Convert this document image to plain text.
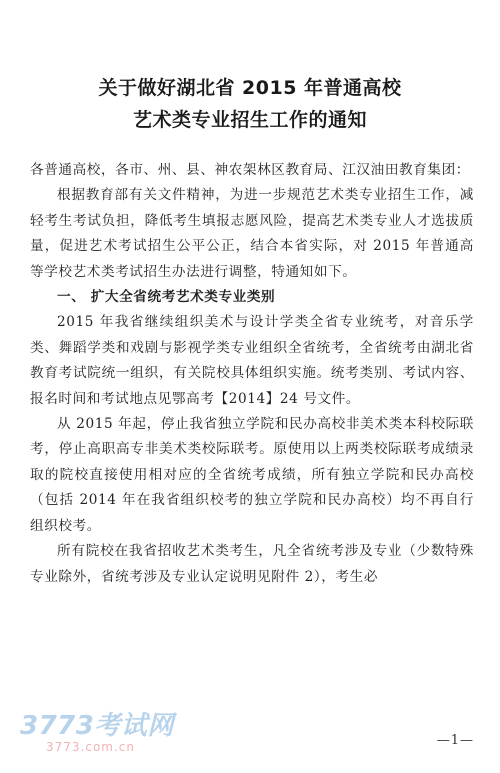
关于做好湖北省 2015 年普通高校
艺术类专业招生工作的通知

各普通高校，各市、州、县、神农架林区教育局、江汉油田教育集团：

根据教育部有关文件精神，为进一步规范艺术类专业招生工作，减轻考生考试负担，降低考生填报志愿风险，提高艺术类专业人才选拔质量，促进艺术考试招生公平公正，结合本省实际，对 2015 年普通高等学校艺术类考试招生办法进行调整，特通知如下。

一、 扩大全省统考艺术类专业类别

2015 年我省继续组织美术与设计学类全省专业统考，对音乐学类、舞蹈学类和戏剧与影视学类专业组织全省统考，全省统考由湖北省教育考试院统一组织，有关院校具体组织实施。统考类别、考试内容、报名时间和考试地点见鄂高考【2014】24 号文件。

从 2015 年起，停止我省独立学院和民办高校非美术类本科校际联考，停止高职高专非美术类校际联考。原使用以上两类校际联考成绩录取的院校直接使用相对应的全省统考成绩，所有独立学院和民办高校（包括 2014 年在我省组织校考的独立学院和民办高校）均不再自行组织校考。

所有院校在我省招收艺术类考生，凡全省统考涉及专业（少数特殊专业除外，省统考涉及专业认定说明见附件 2），考生必

3773考试网
3773.com.cn	—1—
